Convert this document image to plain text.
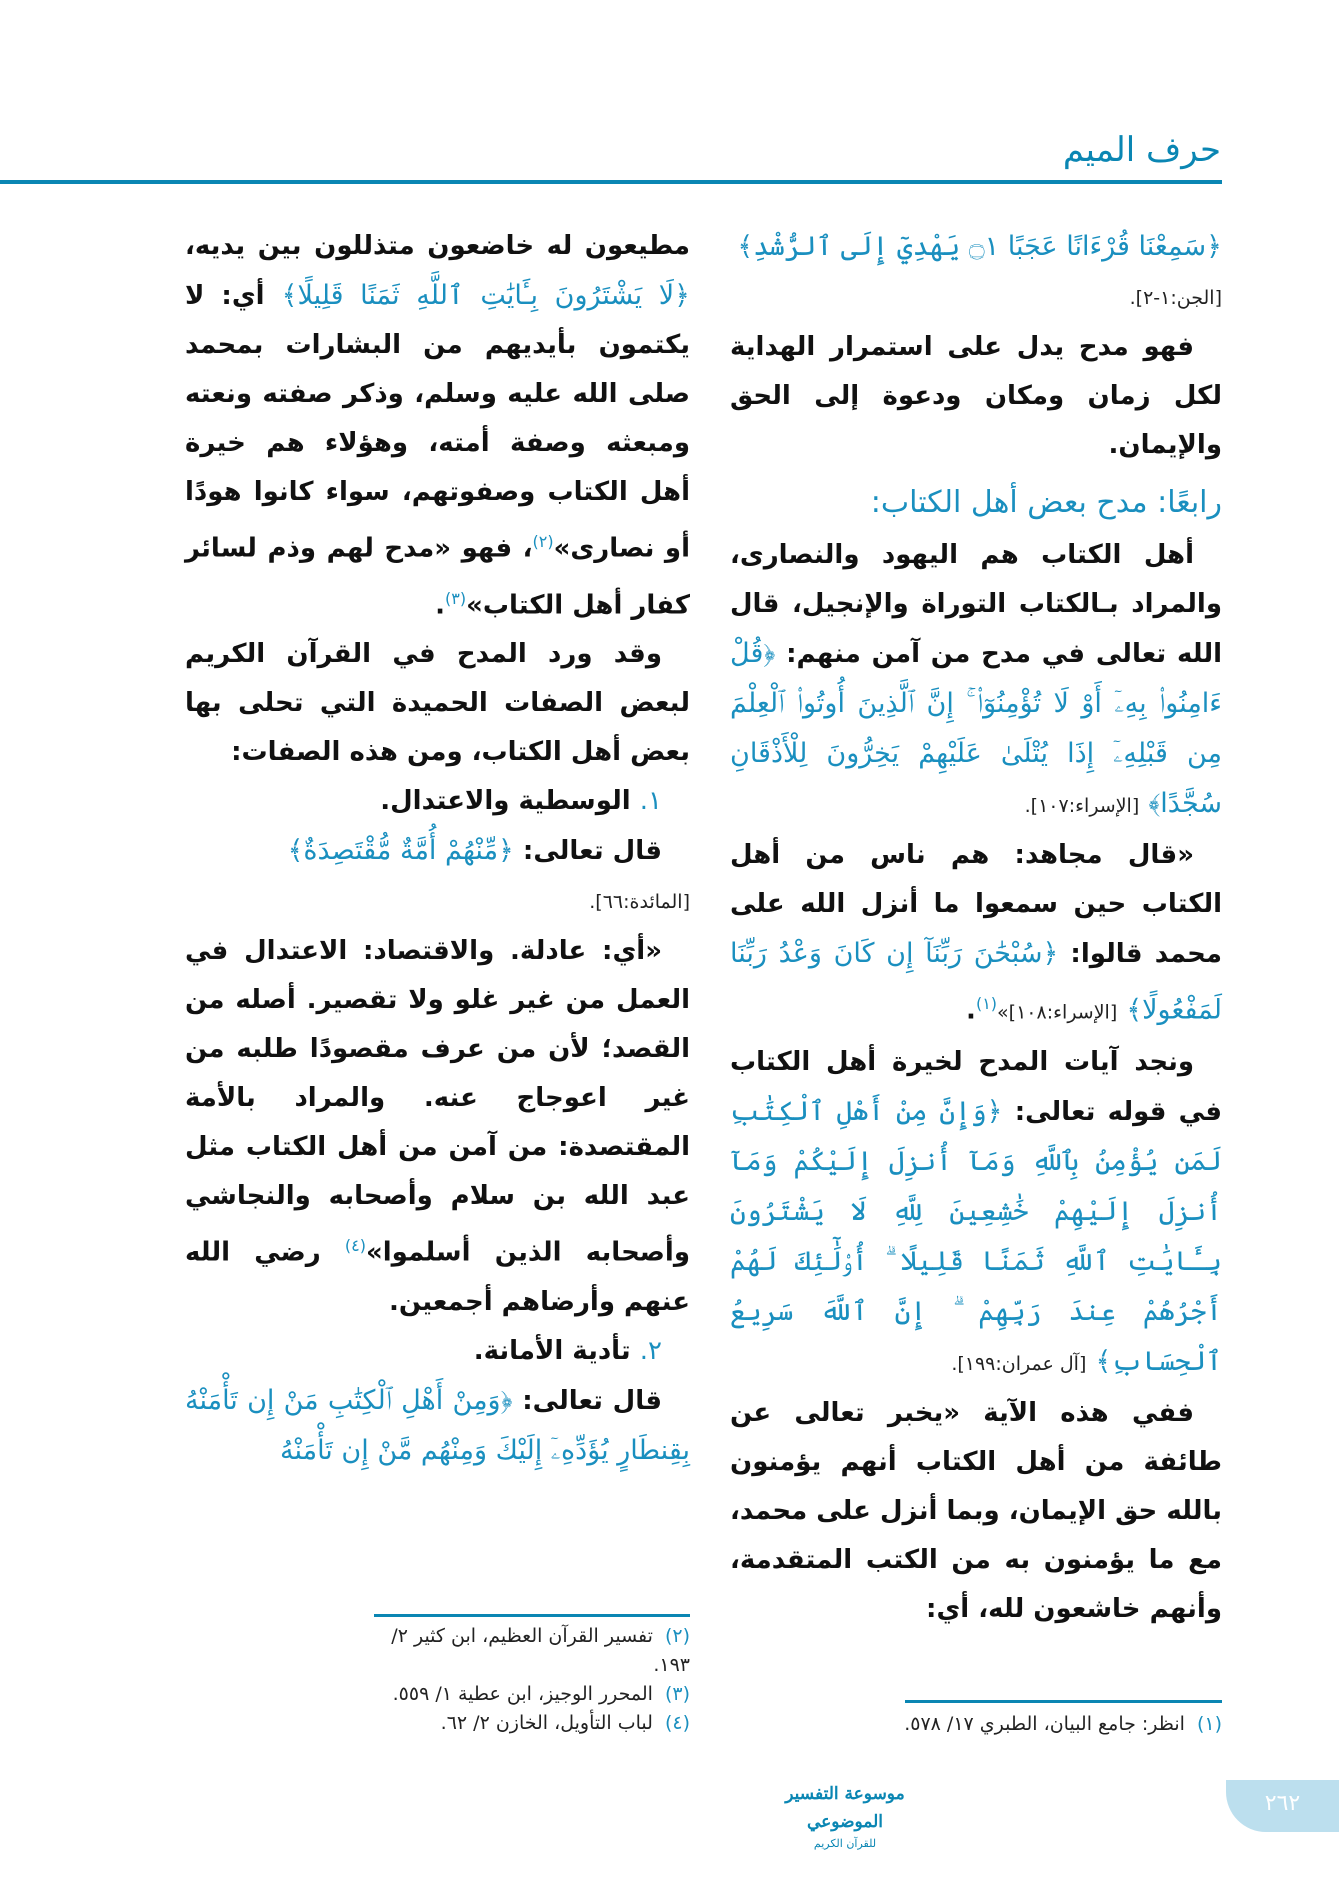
حرف الميم

﴿سَمِعْنَا قُرْءَانًا عَجَبًا ۝١ يَهْدِيٓ إِلَى ٱلرُّشْدِ﴾

[الجن:١-٢].

فهو مدح يدل على استمرار الهداية لكل زمان ومكان ودعوة إلى الحق والإيمان.

رابعًا: مدح بعض أهل الكتاب:

أهل الكتاب هم اليهود والنصارى، والمراد بـالكتاب التوراة والإنجيل، قال الله تعالى في مدح من آمن منهم: ﴿قُلْ ءَامِنُوا۟ بِهِۦٓ أَوْ لَا تُؤْمِنُوٓا۟ ۚ إِنَّ ٱلَّذِينَ أُوتُوا۟ ٱلْعِلْمَ مِن قَبْلِهِۦٓ إِذَا يُتْلَىٰ عَلَيْهِمْ يَخِرُّونَ لِلْأَذْقَانِ سُجَّدًا﴾ [الإسراء:١٠٧].

«قال مجاهد: هم ناس من أهل الكتاب حين سمعوا ما أنزل الله على محمد قالوا: ﴿سُبْحَٰنَ رَبِّنَآ إِن كَانَ وَعْدُ رَبِّنَا لَمَفْعُولًا﴾ [الإسراء:١٠٨]»$^{(١)}$.

ونجد آيات المدح لخيرة أهل الكتاب في قوله تعالى: ﴿وَإِنَّ مِنْ أَهْلِ ٱلْكِتَٰبِ لَمَن يُؤْمِنُ بِٱللَّهِ وَمَآ أُنزِلَ إِلَيْكُمْ وَمَآ أُنزِلَ إِلَيْهِمْ خَٰشِعِينَ لِلَّهِ لَا يَشْتَرُونَ بِـَٔايَٰتِ ٱللَّهِ ثَمَنًا قَلِيلًا ۗ أُو۟لَٰٓئِكَ لَهُمْ أَجْرُهُمْ عِندَ رَبِّهِمْ ۗ إِنَّ ٱللَّهَ سَرِيعُ ٱلْحِسَابِ﴾ [آل عمران:١٩٩].

ففي هذه الآية «يخبر تعالى عن طائفة من أهل الكتاب أنهم يؤمنون بالله حق الإيمان، وبما أنزل على محمد، مع ما يؤمنون به من الكتب المتقدمة، وأنهم خاشعون لله، أي:

مطيعون له خاضعون متذللون بين يديه، ﴿لَا يَشْتَرُونَ بِـَٔايَٰتِ ٱللَّهِ ثَمَنًا قَلِيلًا﴾ أي: لا يكتمون بأيديهم من البشارات بمحمد صلى الله عليه وسلم، وذكر صفته ونعته ومبعثه وصفة أمته، وهؤلاء هم خيرة أهل الكتاب وصفوتهم، سواء كانوا هودًا أو نصارى»$^{(٢)}$، فهو «مدح لهم وذم لسائر كفار أهل الكتاب»$^{(٣)}$.

وقد ورد المدح في القرآن الكريم لبعض الصفات الحميدة التي تحلى بها بعض أهل الكتاب، ومن هذه الصفات:

١. الوسطية والاعتدال.

قال تعالى: ﴿مِّنْهُمْ أُمَّةٌ مُّقْتَصِدَةٌ﴾

[المائدة:٦٦].

«أي: عادلة. والاقتصاد: الاعتدال في العمل من غير غلو ولا تقصير. أصله من القصد؛ لأن من عرف مقصودًا طلبه من غير اعوجاج عنه. والمراد بالأمة المقتصدة: من آمن من أهل الكتاب مثل عبد الله بن سلام وأصحابه والنجاشي وأصحابه الذين أسلموا»$^{(٤)}$ رضي الله عنهم وأرضاهم أجمعين.

٢. تأدية الأمانة.

قال تعالى: ﴿وَمِنْ أَهْلِ ٱلْكِتَٰبِ مَنْ إِن تَأْمَنْهُ بِقِنطَارٍ يُؤَدِّهِۦٓ إِلَيْكَ وَمِنْهُم مَّنْ إِن تَأْمَنْهُ

(٢)تفسير القرآن العظيم، ابن كثير ٢/ ١٩٣.
(٣)المحرر الوجيز، ابن عطية ١/ ٥٥٩.
(٤)لباب التأويل، الخازن ٢/ ٦٢.	(١)انظر: جامع البيان، الطبري ١٧/ ٥٧٨.
موسوعة التفسير الموضوعي
للقرآن الكريم
٢٦٢
